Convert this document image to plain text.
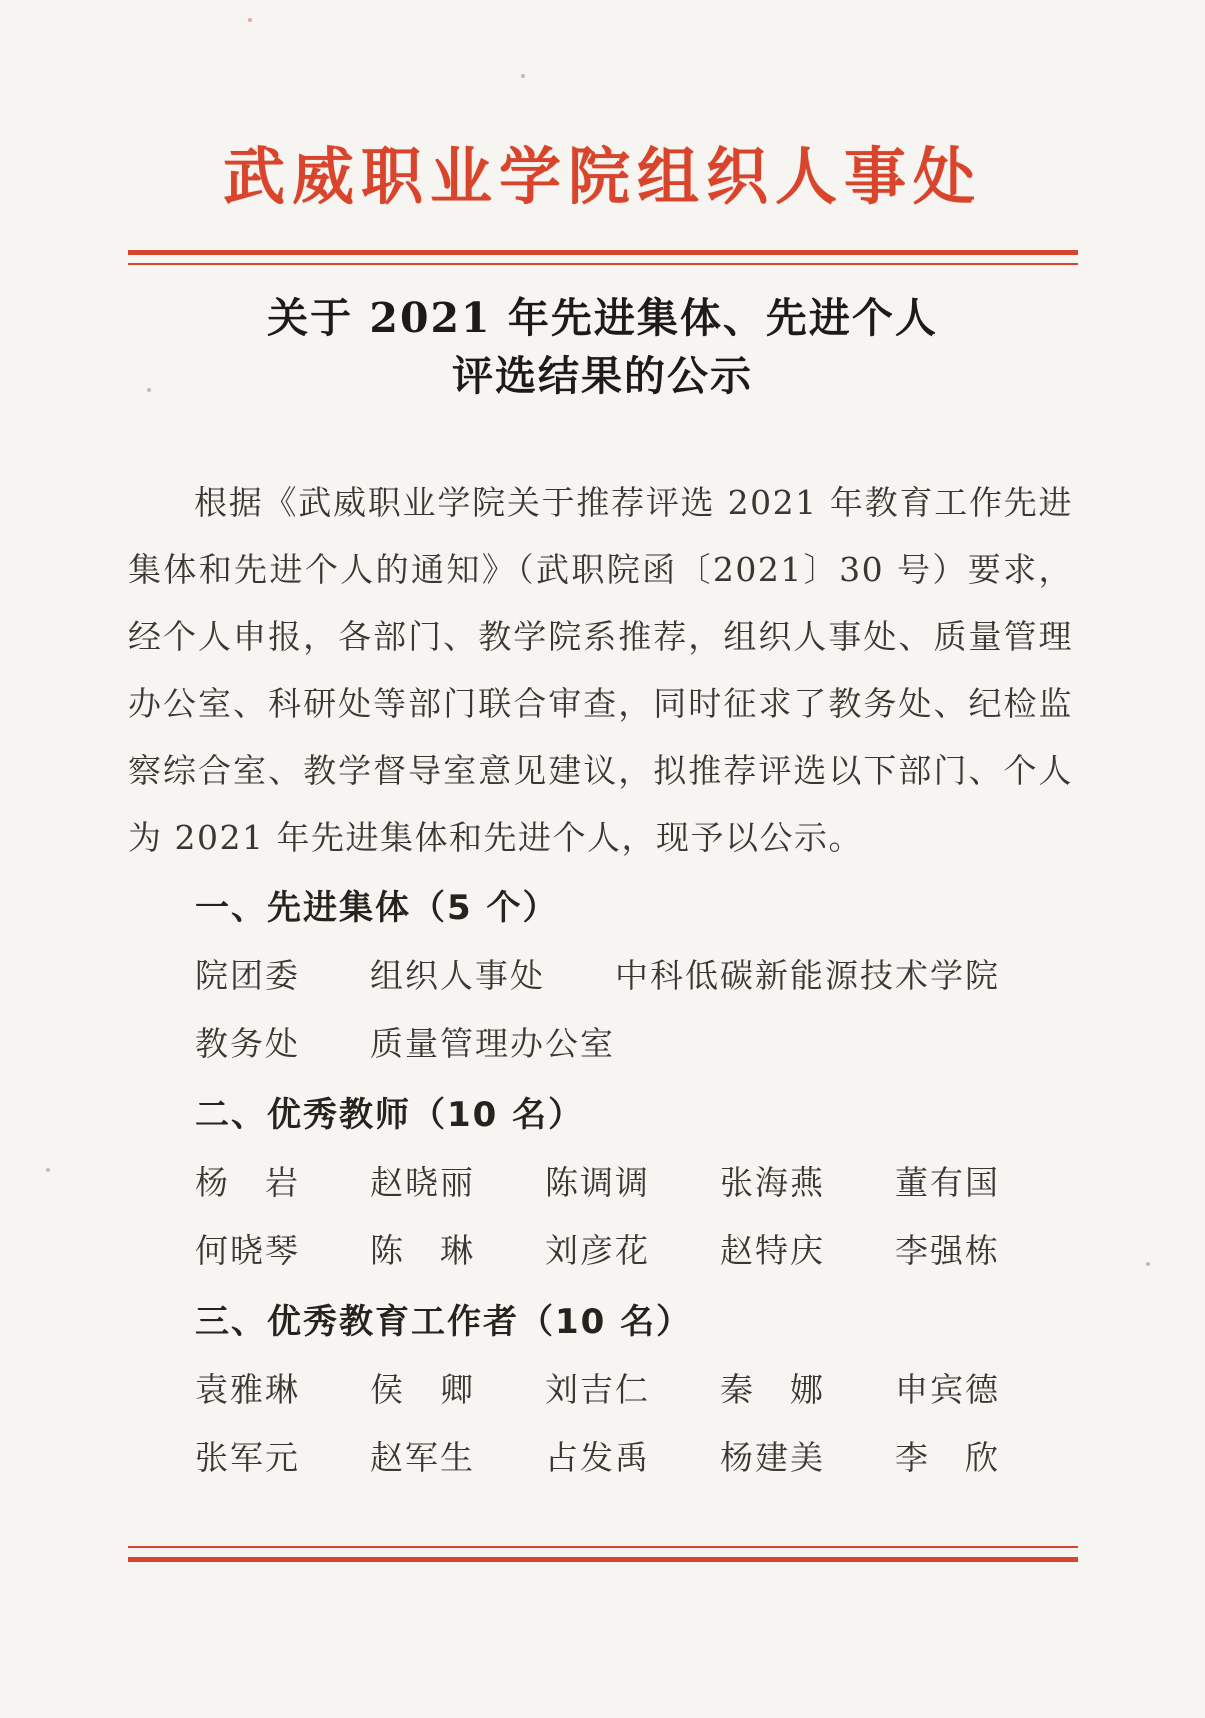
武威职业学院组织人事处
关于 2021 年先进集体、先进个人
评选结果的公示

根据《武威职业学院关于推荐评选 2021 年教育工作先进集体和先进个人的通知》（武职院函〔2021〕30 号）要求，经个人申报，各部门、教学院系推荐，组织人事处、质量管理办公室、科研处等部门联合审查，同时征求了教务处、纪检监察综合室、教学督导室意见建议，拟推荐评选以下部门、个人为 2021 年先进集体和先进个人，现予以公示。

一、先进集体（5 个）
院团委　　组织人事处　　中科低碳新能源技术学院
教务处　　质量管理办公室
二、优秀教师（10 名）
杨　岩　　赵晓丽　　陈调调　　张海燕　　董有国
何晓琴　　陈　琳　　刘彦花　　赵特庆　　李强栋
三、优秀教育工作者（10 名）
袁雅琳　　侯　卿　　刘吉仁　　秦　娜　　申宾德
张军元　　赵军生　　占发禹　　杨建美　　李　欣
